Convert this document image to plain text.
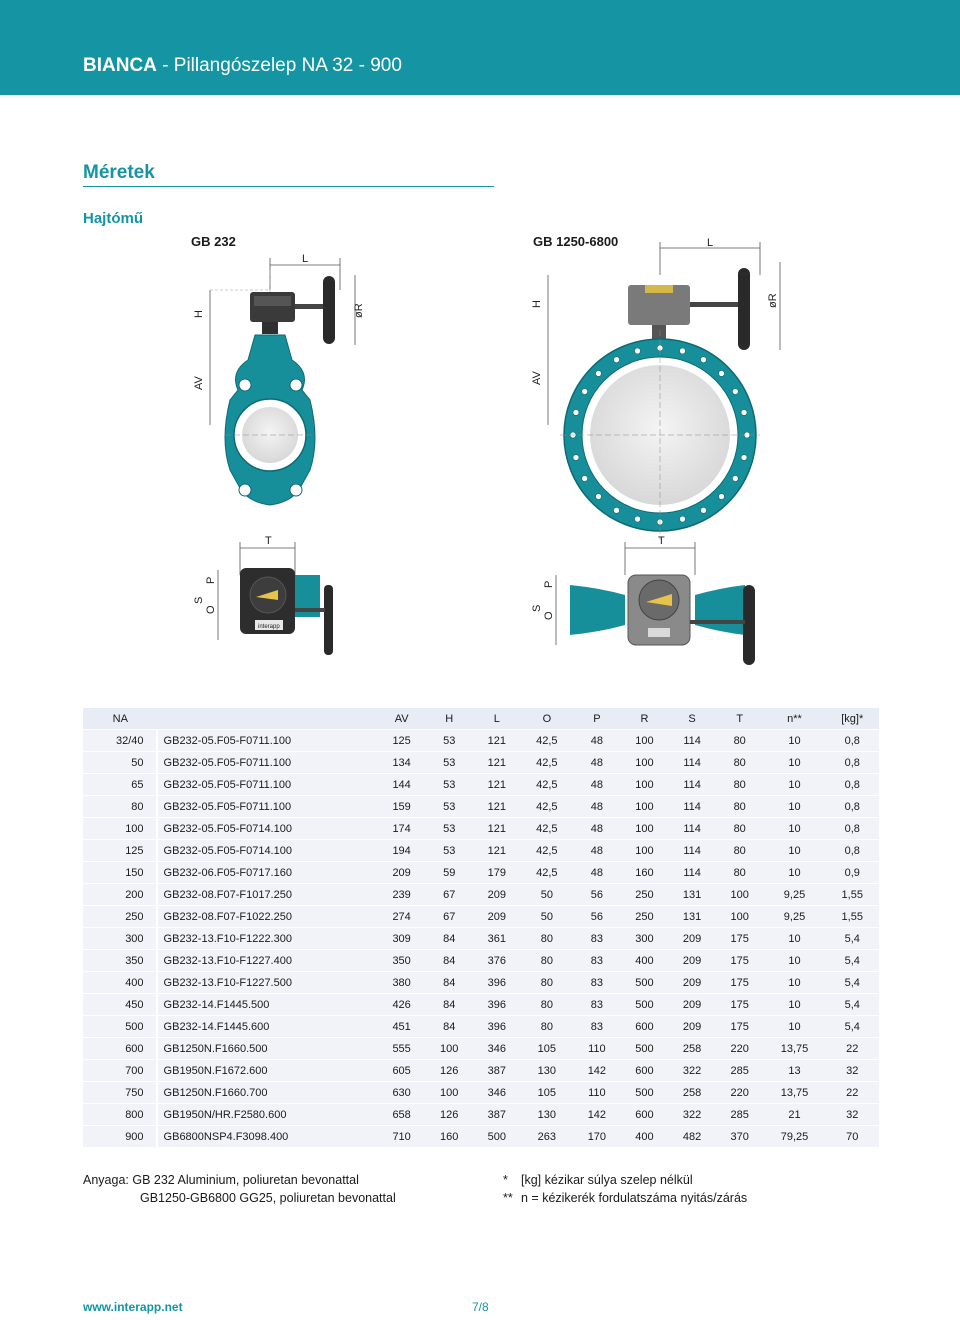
BIANCA - Pillangószelep NA 32 - 900
Méretek
Hajtómű
GB 232	GB 1250-6800
L
H
AV
øR
L
H
AV
øR
T
S
O
P
interapp
T
S
O
P
NA		AV	H	L	O	P	R	S	T	n**	[kg]*
32/40	GB232-05.F05-F0711.100	125	53	121	42,5	48	100	114	80	10	0,8
50	GB232-05.F05-F0711.100	134	53	121	42,5	48	100	114	80	10	0,8
65	GB232-05.F05-F0711.100	144	53	121	42,5	48	100	114	80	10	0,8
80	GB232-05.F05-F0711.100	159	53	121	42,5	48	100	114	80	10	0,8
100	GB232-05.F05-F0714.100	174	53	121	42,5	48	100	114	80	10	0,8
125	GB232-05.F05-F0714.100	194	53	121	42,5	48	100	114	80	10	0,8
150	GB232-06.F05-F0717.160	209	59	179	42,5	48	160	114	80	10	0,9
200	GB232-08.F07-F1017.250	239	67	209	50	56	250	131	100	9,25	1,55
250	GB232-08.F07-F1022.250	274	67	209	50	56	250	131	100	9,25	1,55
300	GB232-13.F10-F1222.300	309	84	361	80	83	300	209	175	10	5,4
350	GB232-13.F10-F1227.400	350	84	376	80	83	400	209	175	10	5,4
400	GB232-13.F10-F1227.500	380	84	396	80	83	500	209	175	10	5,4
450	GB232-14.F1445.500	426	84	396	80	83	500	209	175	10	5,4
500	GB232-14.F1445.600	451	84	396	80	83	600	209	175	10	5,4
600	GB1250N.F1660.500	555	100	346	105	110	500	258	220	13,75	22
700	GB1950N.F1672.600	605	126	387	130	142	600	322	285	13	32
750	GB1250N.F1660.700	630	100	346	105	110	500	258	220	13,75	22
800	GB1950N/HR.F2580.600	658	126	387	130	142	600	322	285	21	32
900	GB6800NSP4.F3098.400	710	160	500	263	170	400	482	370	79,25	70
Anyaga: GB 232 Aluminium, poliuretan bevonattal
GB1250-GB6800 GG25, poliuretan bevonattal
* [kg] kézikar súlya szelep nélkül
** n = kézikerék fordulatszáma nyitás/zárás
www.interapp.net	7/8
